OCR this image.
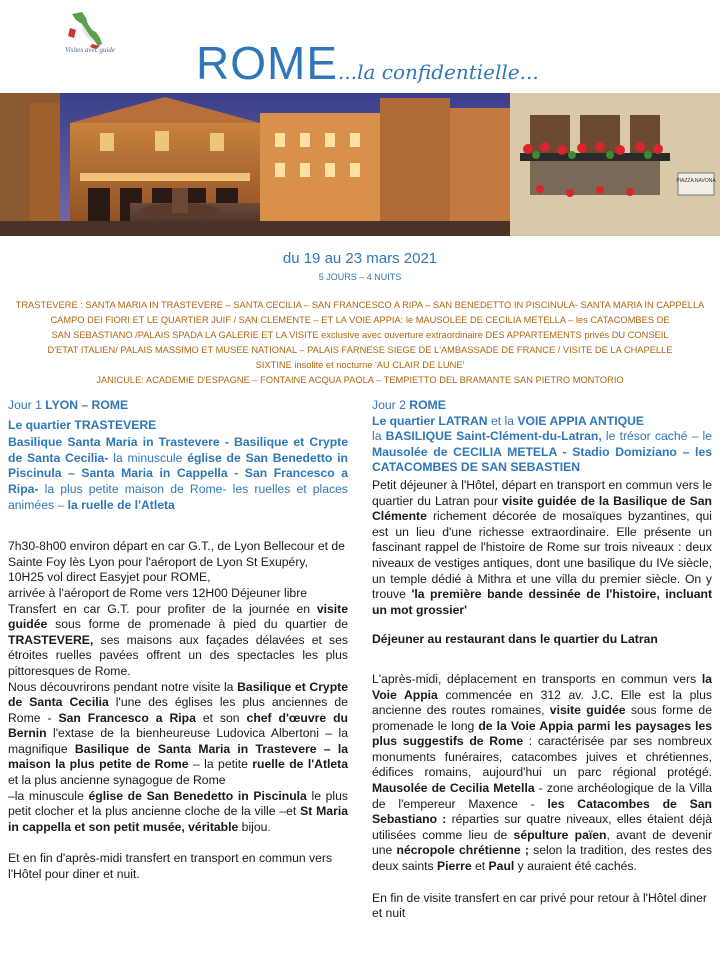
Visites avec guide ROME...la confidentielle...
PIAZZA NAVONA
du 19 au 23 mars 2021
5 JOURS – 4 NUITS
TRASTEVERE : SANTA MARIA IN TRASTEVERE – SANTA CECILIA – SAN FRANCESCO A RIPA – SAN BENEDETTO IN PISCINULA- SANTA MARIA IN CAPPELLA
CAMPO DEI FIORI ET LE QUARTIER JUIF / SAN CLEMENTE – ET LA VOIE APPIA: le MAUSOLEE DE CECILIA METELLA – les CATACOMBES DE
SAN SEBASTIANO /PALAIS SPADA LA GALERIE ET LA VISITE exclusive avec ouverture extraordinaire DES APPARTEMENTS privés DU CONSEIL
D'ETAT ITALIEN/ PALAIS MASSIMO ET MUSEE NATIONAL – PALAIS FARNESE SIEGE DE L'AMBASSADE DE FRANCE / VISITE DE LA CHAPELLE
SIXTINE insolite et nocturne 'AU CLAIR DE LUNE'
JANICULE: ACADEMIE D'ESPAGNE – FONTAINE ACQUA PAOLA – TEMPIETTO DEL BRAMANTE SAN PIETRO MONTORIO

Jour 1 LYON – ROME

Le quartier TRASTEVERE

Basilique Santa Maria in Trastevere - Basilique et Crypte de Santa Cecilia- la minuscule église de San Benedetto in Piscinula – Santa Maria in Cappella - San Francesco a Ripa- la plus petite maison de Rome- les ruelles et places animées – la ruelle de l'Atleta

7h30-8h00 environ départ en car G.T., de Lyon Bellecour et de Sainte Foy lès Lyon pour l'aéroport de Lyon St Exupéry,

10H25 vol direct Easyjet pour ROME,

arrivée à l'aéroport de Rome vers 12H00 Déjeuner libre

Transfert en car G.T. pour profiter de la journée en visite guidée sous forme de promenade à pied du quartier de TRASTEVERE, ses maisons aux façades délavées et ses étroites ruelles pavées offrent un des spectacles les plus pittoresques de Rome.

Nous découvrirons pendant notre visite la Basilique et Crypte de Santa Cecilia l'une des églises les plus anciennes de Rome - San Francesco a Ripa et son chef d'œuvre du Bernin l'extase de la bienheureuse Ludovica Albertoni – la magnifique Basilique de Santa Maria in Trastevere – la maison la plus petite de Rome – la petite ruelle de l'Atleta et la plus ancienne synagogue de Rome

–la minuscule église de San Benedetto in Piscinula le plus petit clocher et la plus ancienne cloche de la ville –et St Maria in cappella et son petit musée, véritable bijou.

Et en fin d'après-midi transfert en transport en commun vers l'Hôtel pour diner et nuit.

Jour 2 ROME

Le quartier LATRAN et la VOIE APPIA ANTIQUE

la BASILIQUE Saint-Clément-du-Latran, le trésor caché – le Mausolée de CECILIA METELA - Stadio Domiziano – les CATACOMBES DE SAN SEBASTIEN

Petit déjeuner à l'Hôtel, départ en transport en commun vers le quartier du Latran pour visite guidée de la Basilique de San Clémente richement décorée de mosaïques byzantines, qui est un lieu d'une richesse extraordinaire. Elle présente un fascinant rappel de l'histoire de Rome sur trois niveaux : deux niveaux de vestiges antiques, dont une basilique du IVe siècle, un temple dédié à Mithra et une villa du premier siècle. On y trouve 'la première bande dessinée de l'histoire, incluant un mot grossier'

Déjeuner au restaurant dans le quartier du Latran

L'après-midi, déplacement en transports en commun vers la Voie Appia commencée en 312 av. J.C. Elle est la plus ancienne des routes romaines, visite guidée sous forme de promenade le long de la Voie Appia parmi les paysages les plus suggestifs de Rome : caractérisée par ses nombreux monuments funéraires, catacombes juives et chrétiennes, édifices romains, aujourd'hui un parc régional protégé. Mausolée de Cecilia Metella - zone archéologique de la Villa de l'empereur Maxence - les Catacombes de San Sebastiano : réparties sur quatre niveaux, elles étaient déjà utilisées comme lieu de sépulture païen, avant de devenir une nécropole chrétienne ; selon la tradition, des restes des deux saints Pierre et Paul y auraient été cachés.

En fin de visite transfert en car privé pour retour à l'Hôtel diner et nuit
